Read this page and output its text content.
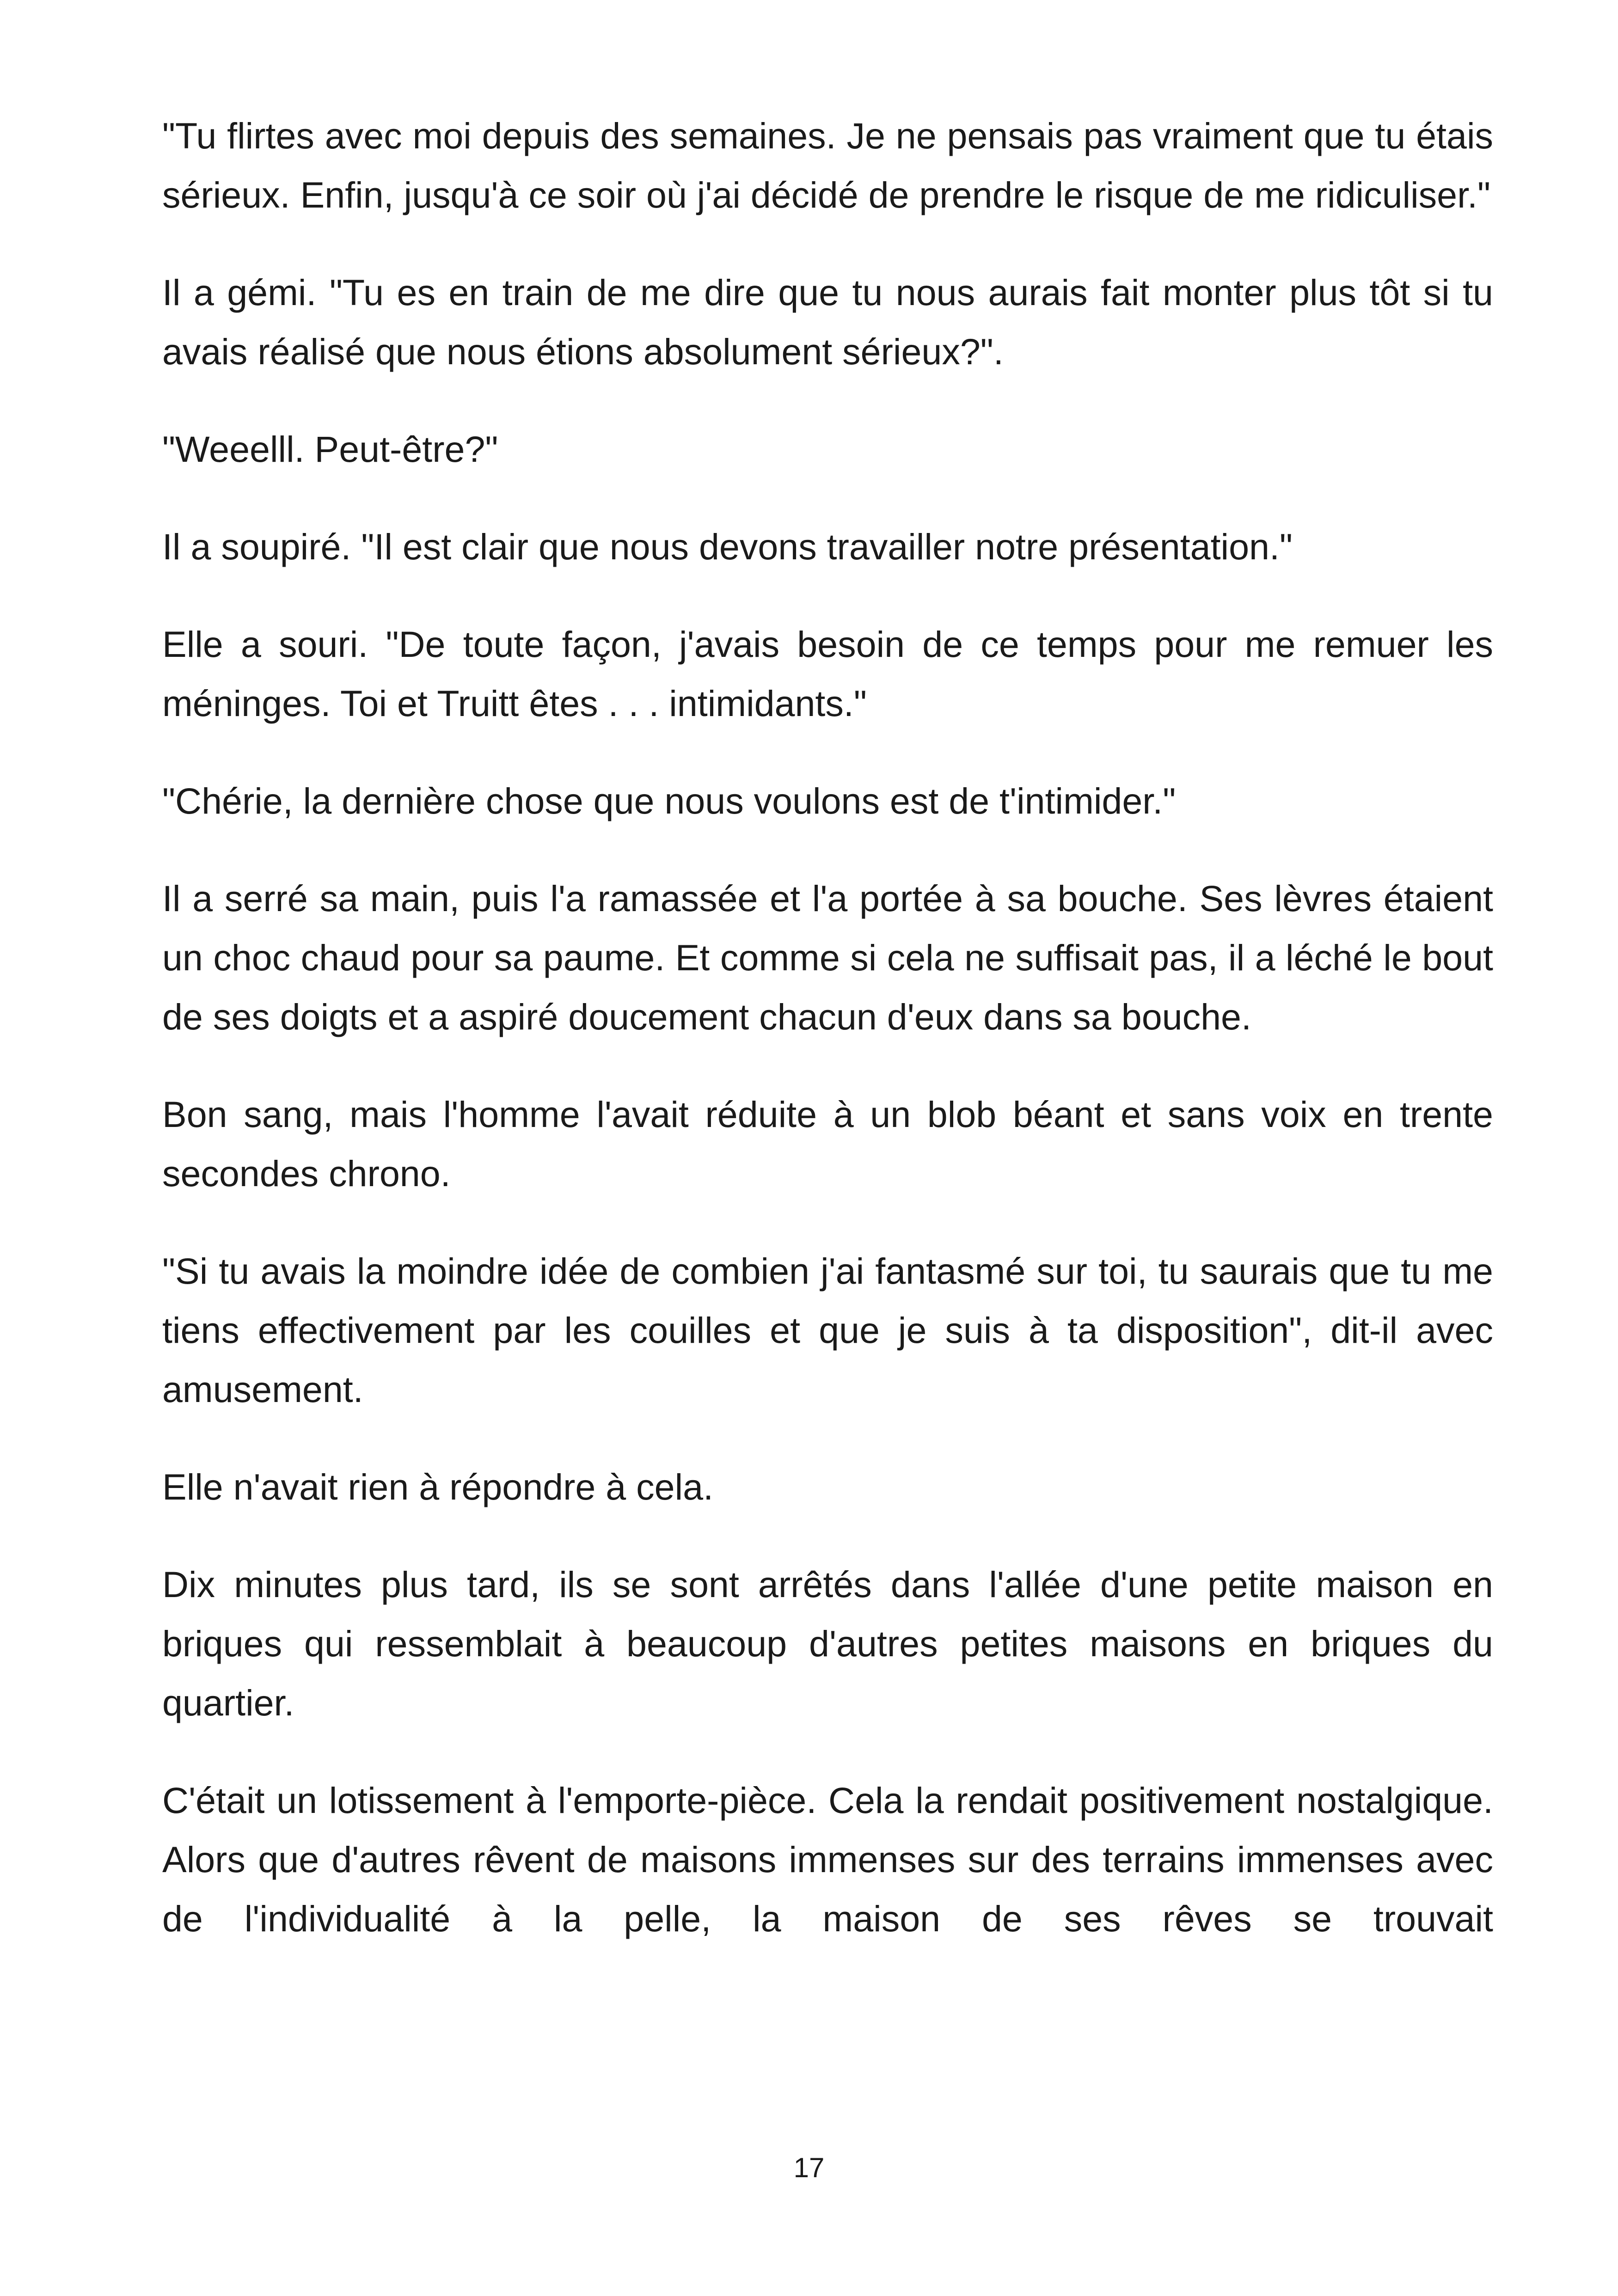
"Tu flirtes avec moi depuis des semaines. Je ne pensais pas vraiment que tu étais sérieux. Enfin, jusqu'à ce soir où j'ai décidé de prendre le risque de me ridiculiser."

Il a gémi. "Tu es en train de me dire que tu nous aurais fait monter plus tôt si tu avais réalisé que nous étions absolument sérieux?".

"Weeelll. Peut-être?"

Il a soupiré. "Il est clair que nous devons travailler notre présentation."

Elle a souri. "De toute façon, j'avais besoin de ce temps pour me remuer les méninges. Toi et Truitt êtes . . . intimidants."

"Chérie, la dernière chose que nous voulons est de t'intimider."

Il a serré sa main, puis l'a ramassée et l'a portée à sa bouche. Ses lèvres étaient un choc chaud pour sa paume. Et comme si cela ne suffisait pas, il a léché le bout de ses doigts et a aspiré doucement chacun d'eux dans sa bouche.

Bon sang, mais l'homme l'avait réduite à un blob béant et sans voix en trente secondes chrono.

"Si tu avais la moindre idée de combien j'ai fantasmé sur toi, tu saurais que tu me tiens effectivement par les couilles et que je suis à ta disposition", dit-il avec amusement.

Elle n'avait rien à répondre à cela.

Dix minutes plus tard, ils se sont arrêtés dans l'allée d'une petite maison en briques qui ressemblait à beaucoup d'autres petites maisons en briques du quartier.

C'était un lotissement à l'emporte-pièce. Cela la rendait positivement nostalgique. Alors que d'autres rêvent de maisons immenses sur des terrains immenses avec de l'individualité à la pelle, la maison de ses rêves se trouvait

17
